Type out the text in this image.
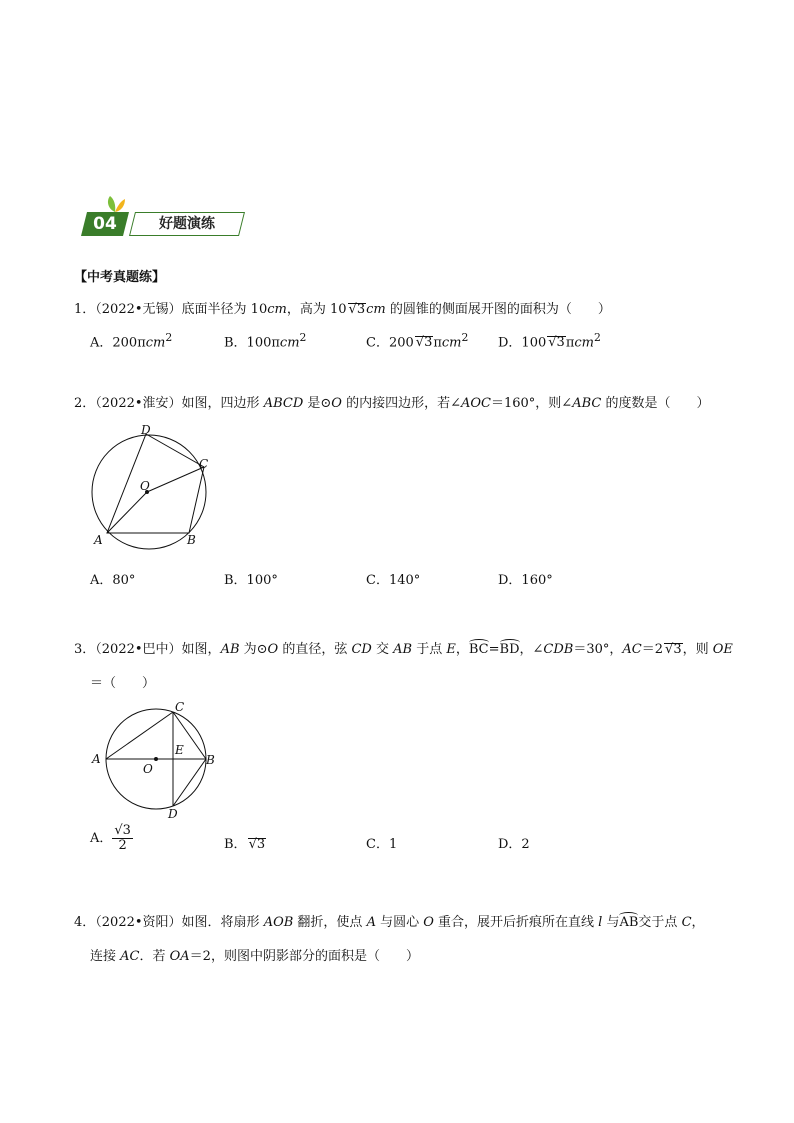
04	好题演练
【中考真题练】
1．（2022•无锡）底面半径为 10cm，高为 10 √3cm 的圆锥的侧面展开图的面积为（　　）
A．200πcm$^2$	B．100πcm$^2$	C．200 √3πcm$^2$ D．100 √3πcm$^2$
2．（2022•淮安）如图，四边形 ABCD 是⊙O 的内接四边形，若∠AOC＝160°，则∠ABC 的度数是（　　）
D
C
O
A	B
A．80°	B．100°	C．140°	D．160°
3．（2022•巴中）如图，AB 为⊙O 的直径，弦 CD 交 AB 于点 E，BC=BD，∠CDB＝30°，AC＝2 √3，则 OE
＝（　　）
C
A
O
E
B
D
A． $\frac{√3}{2}$	B． √3	C．1	D．2
4．（2022•资阳）如图．将扇形 AOB 翻折，使点 A 与圆心 O 重合，展开后折痕所在直线 l 与AB交于点 C，
连接 AC．若 OA＝2，则图中阴影部分的面积是（　　）
